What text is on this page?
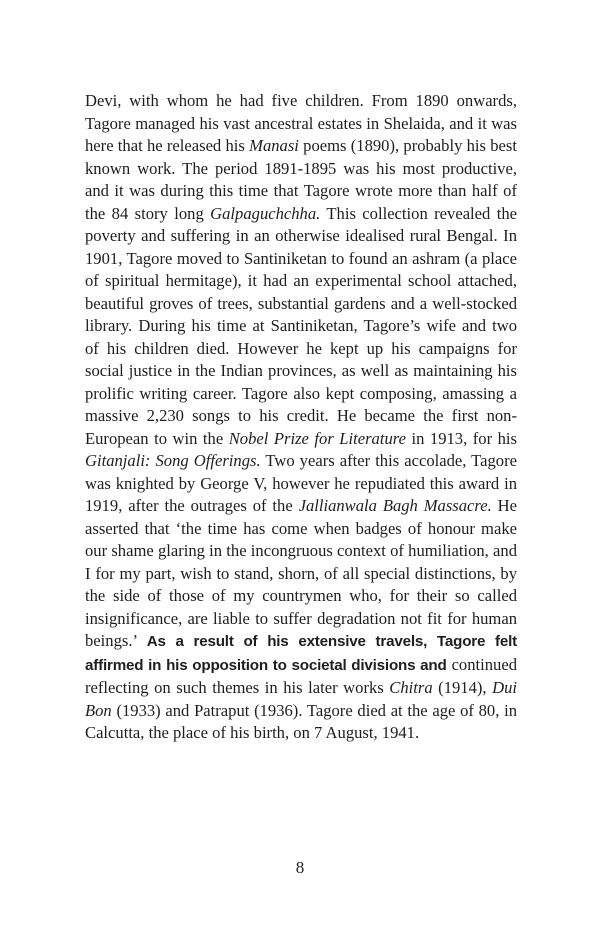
Devi, with whom he had five children. From 1890 onwards, Tagore managed his vast ancestral estates in Shelaida, and it was here that he released his Manasi poems (1890), probably his best known work. The period 1891-1895 was his most productive, and it was during this time that Tagore wrote more than half of the 84 story long Galpaguchchha. This collection revealed the poverty and suffering in an otherwise idealised rural Bengal. In 1901, Tagore moved to Santiniketan to found an ashram (a place of spiritual hermitage), it had an experimental school attached, beautiful groves of trees, substantial gardens and a well-stocked library. During his time at Santiniketan, Tagore’s wife and two of his children died. However he kept up his campaigns for social justice in the Indian provinces, as well as maintaining his prolific writing career. Tagore also kept composing, amassing a massive 2,230 songs to his credit. He became the first non-European to win the Nobel Prize for Literature in 1913, for his Gitanjali: Song Offerings. Two years after this accolade, Tagore was knighted by George V, however he repudiated this award in 1919, after the outrages of the Jallianwala Bagh Massacre. He asserted that ‘the time has come when badges of honour make our shame glaring in the incongruous context of humiliation, and I for my part, wish to stand, shorn, of all special distinctions, by the side of those of my countrymen who, for their so called insignificance, are liable to suffer degradation not fit for human beings.’ As a result of his extensive travels, Tagore felt affirmed in his opposition to societal divisions and continued reflecting on such themes in his later works Chitra (1914), Dui Bon (1933) and Patraput (1936). Tagore died at the age of 80, in Calcutta, the place of his birth, on 7 August, 1941.

8
